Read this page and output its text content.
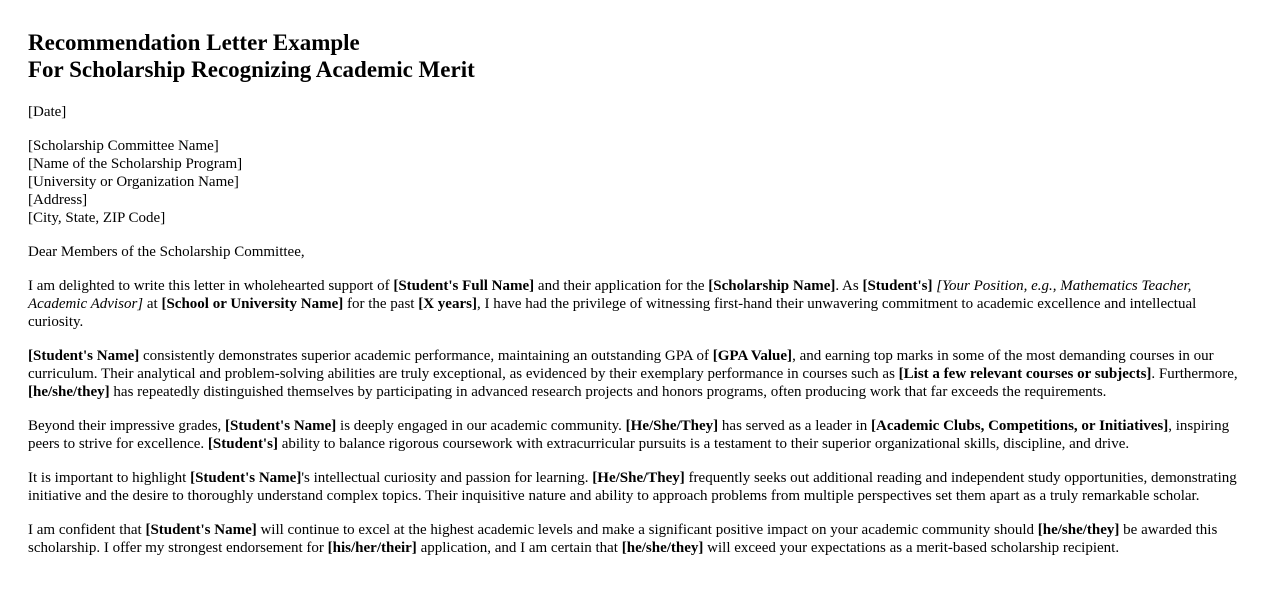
Recommendation Letter Example
For Scholarship Recognizing Academic Merit

[Date]

[Scholarship Committee Name]
[Name of the Scholarship Program]
[University or Organization Name]
[Address]
[City, State, ZIP Code]

Dear Members of the Scholarship Committee,

I am delighted to write this letter in wholehearted support of [Student's Full Name] and their application for the [Scholarship Name]. As [Student's] [Your Position, e.g., Mathematics Teacher, Academic Advisor] at [School or University Name] for the past [X years], I have had the privilege of witnessing first-hand their unwavering commitment to academic excellence and intellectual curiosity.

[Student's Name] consistently demonstrates superior academic performance, maintaining an outstanding GPA of [GPA Value], and earning top marks in some of the most demanding courses in our curriculum. Their analytical and problem-solving abilities are truly exceptional, as evidenced by their exemplary performance in courses such as [List a few relevant courses or subjects]. Furthermore, [he/she/they] has repeatedly distinguished themselves by participating in advanced research projects and honors programs, often producing work that far exceeds the requirements.

Beyond their impressive grades, [Student's Name] is deeply engaged in our academic community. [He/She/They] has served as a leader in [Academic Clubs, Competitions, or Initiatives], inspiring peers to strive for excellence. [Student's] ability to balance rigorous coursework with extracurricular pursuits is a testament to their superior organizational skills, discipline, and drive.

It is important to highlight [Student's Name]'s intellectual curiosity and passion for learning. [He/She/They] frequently seeks out additional reading and independent study opportunities, demonstrating initiative and the desire to thoroughly understand complex topics. Their inquisitive nature and ability to approach problems from multiple perspectives set them apart as a truly remarkable scholar.

I am confident that [Student's Name] will continue to excel at the highest academic levels and make a significant positive impact on your academic community should [he/she/they] be awarded this scholarship. I offer my strongest endorsement for [his/her/their] application, and I am certain that [he/she/they] will exceed your expectations as a merit-based scholarship recipient.
